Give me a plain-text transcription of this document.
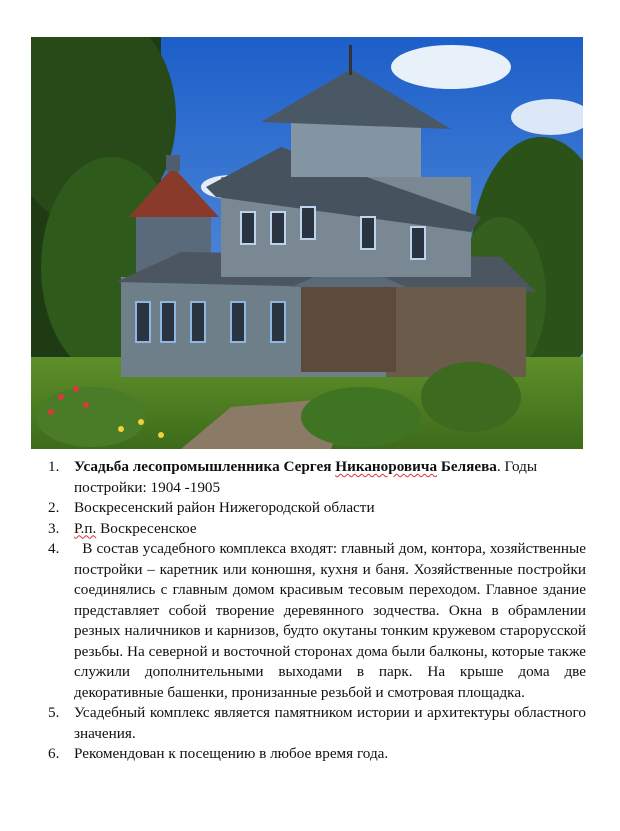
1. Усадьба лесопромышленника Сергея Никаноровича Беляева. Годы постройки: 1904 -1905
2. Воскресенский район Нижегородской области
3. Р.п. Воскресенское
4. В состав усадебного комплекса входят: главный дом, контора, хозяйственные постройки – каретник или конюшня, кухня и баня. Хозяйственные постройки соединялись с главным домом красивым тесовым переходом. Главное здание представляет собой творение деревянного зодчества. Окна в обрамлении резных наличников и карнизов, будто окутаны тонким кружевом старорусской резьбы. На северной и восточной сторонах дома были балконы, которые также служили дополнительными выходами в парк. На крыше дома две декоративные башенки, пронизанные резьбой и смотровая площадка.
5. Усадебный комплекс является памятником истории и архитектуры областного значения.
6. Рекомендован к посещению в любое время года.
